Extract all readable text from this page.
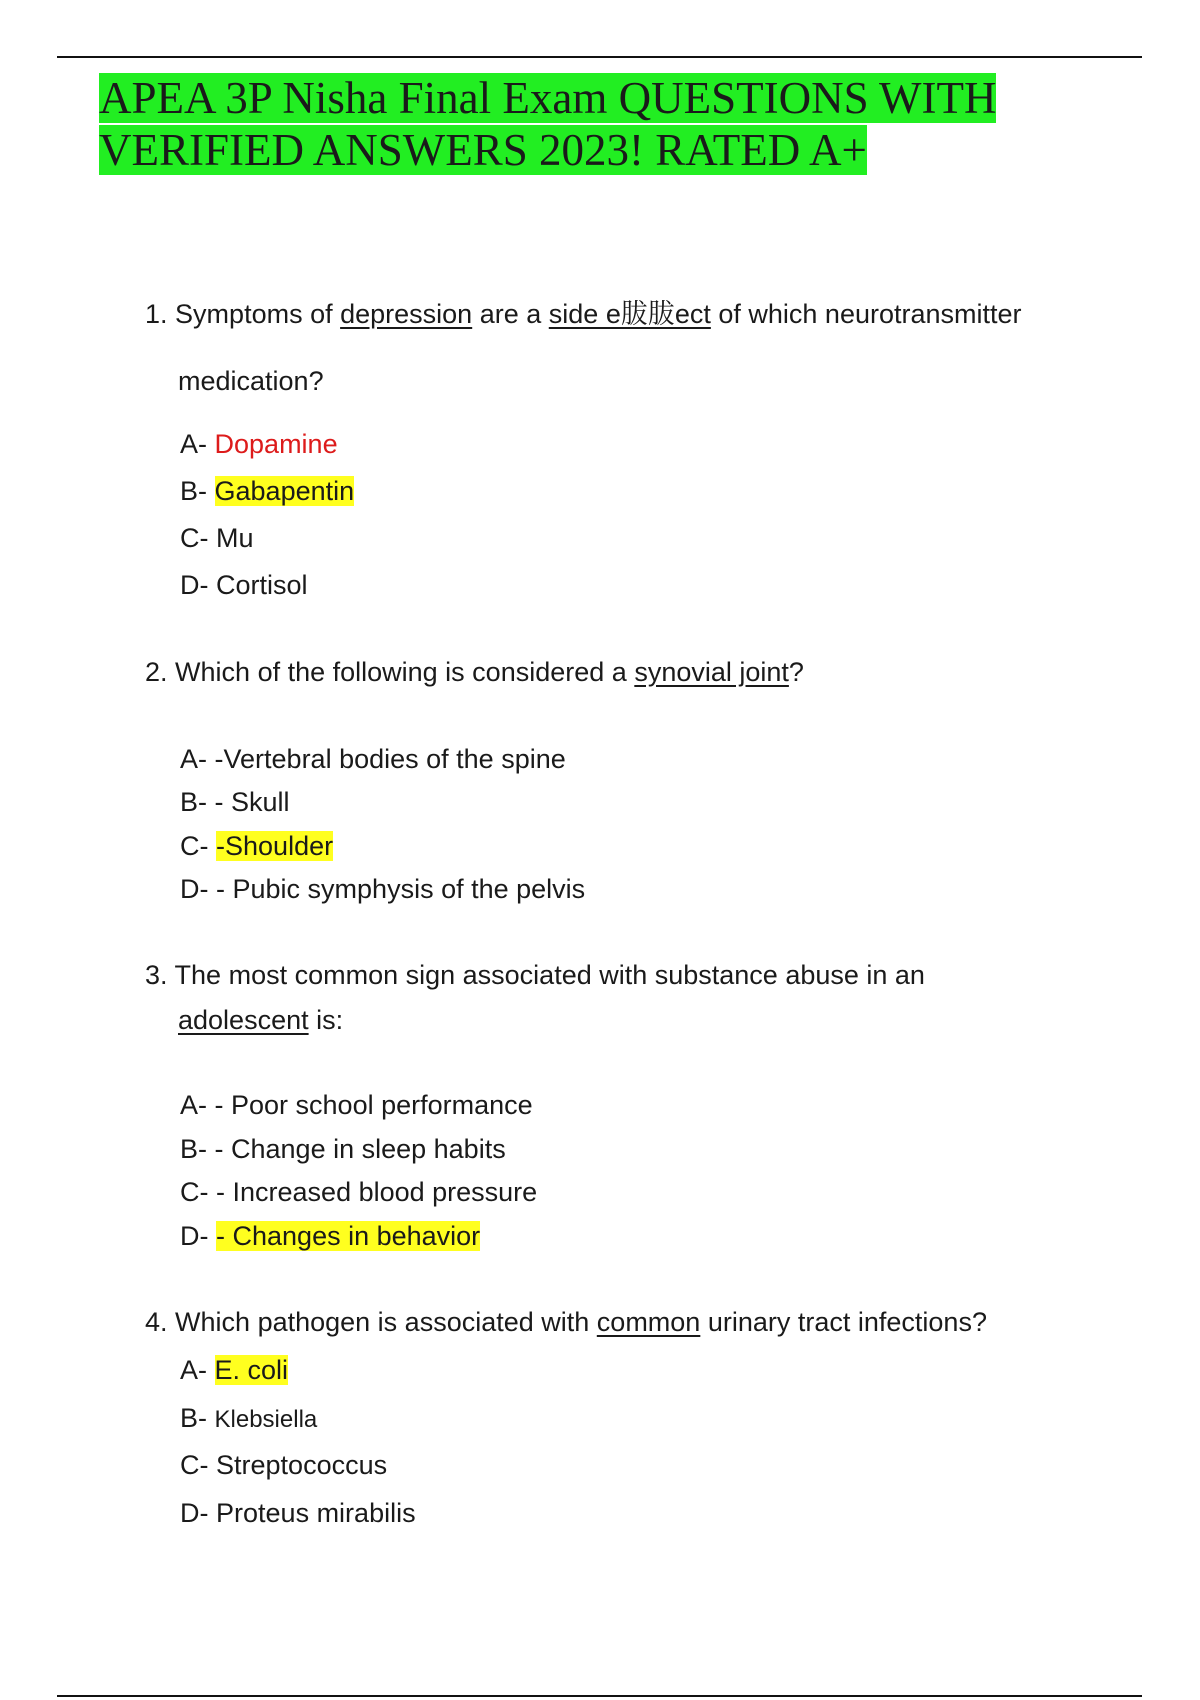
APEA 3P Nisha Final Exam QUESTIONS WITH VERIFIED ANSWERS 2023! RATED A+

1. Symptoms of depression are a side e胈胈ect of which neurotransmitter

medication?

A- Dopamine

B- Gabapentin

C- Mu

D- Cortisol

2. Which of the following is considered a synovial joint?

A- -Vertebral bodies of the spine

B- - Skull

C- -Shoulder

D- - Pubic symphysis of the pelvis

3. The most common sign associated with substance abuse in an

adolescent is:

A- - Poor school performance

B- - Change in sleep habits

C- - Increased blood pressure

D- - Changes in behavior

4. Which pathogen is associated with common urinary tract infections?

A- E. coli

B- Klebsiella

C- Streptococcus

D- Proteus mirabilis
